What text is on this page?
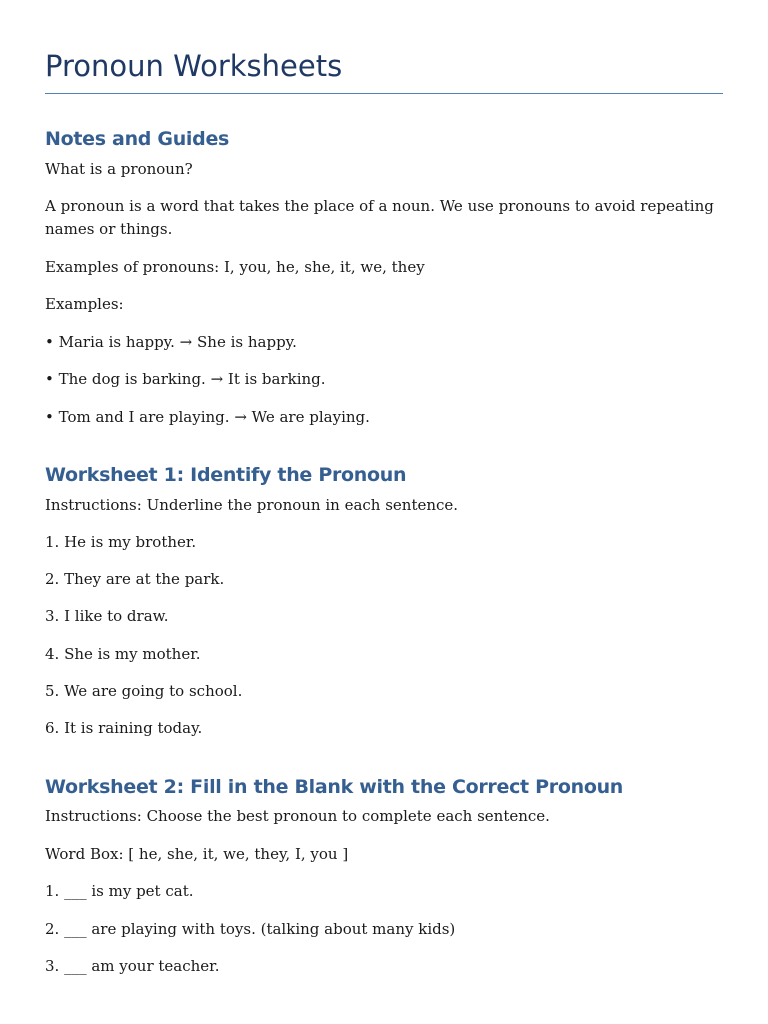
Pronoun Worksheets
Notes and Guides

What is a pronoun?

A pronoun is a word that takes the place of a noun. We use pronouns to avoid repeating names or things.

Examples of pronouns: I, you, he, she, it, we, they

Examples:

• Maria is happy. → She is happy.

• The dog is barking. → It is barking.

• Tom and I are playing. → We are playing.

Worksheet 1: Identify the Pronoun

Instructions: Underline the pronoun in each sentence.

1. He is my brother.

2. They are at the park.

3. I like to draw.

4. She is my mother.

5. We are going to school.

6. It is raining today.

Worksheet 2: Fill in the Blank with the Correct Pronoun

Instructions: Choose the best pronoun to complete each sentence.

Word Box: [ he, she, it, we, they, I, you ]

1. ___ is my pet cat.

2. ___ are playing with toys. (talking about many kids)

3. ___ am your teacher.
